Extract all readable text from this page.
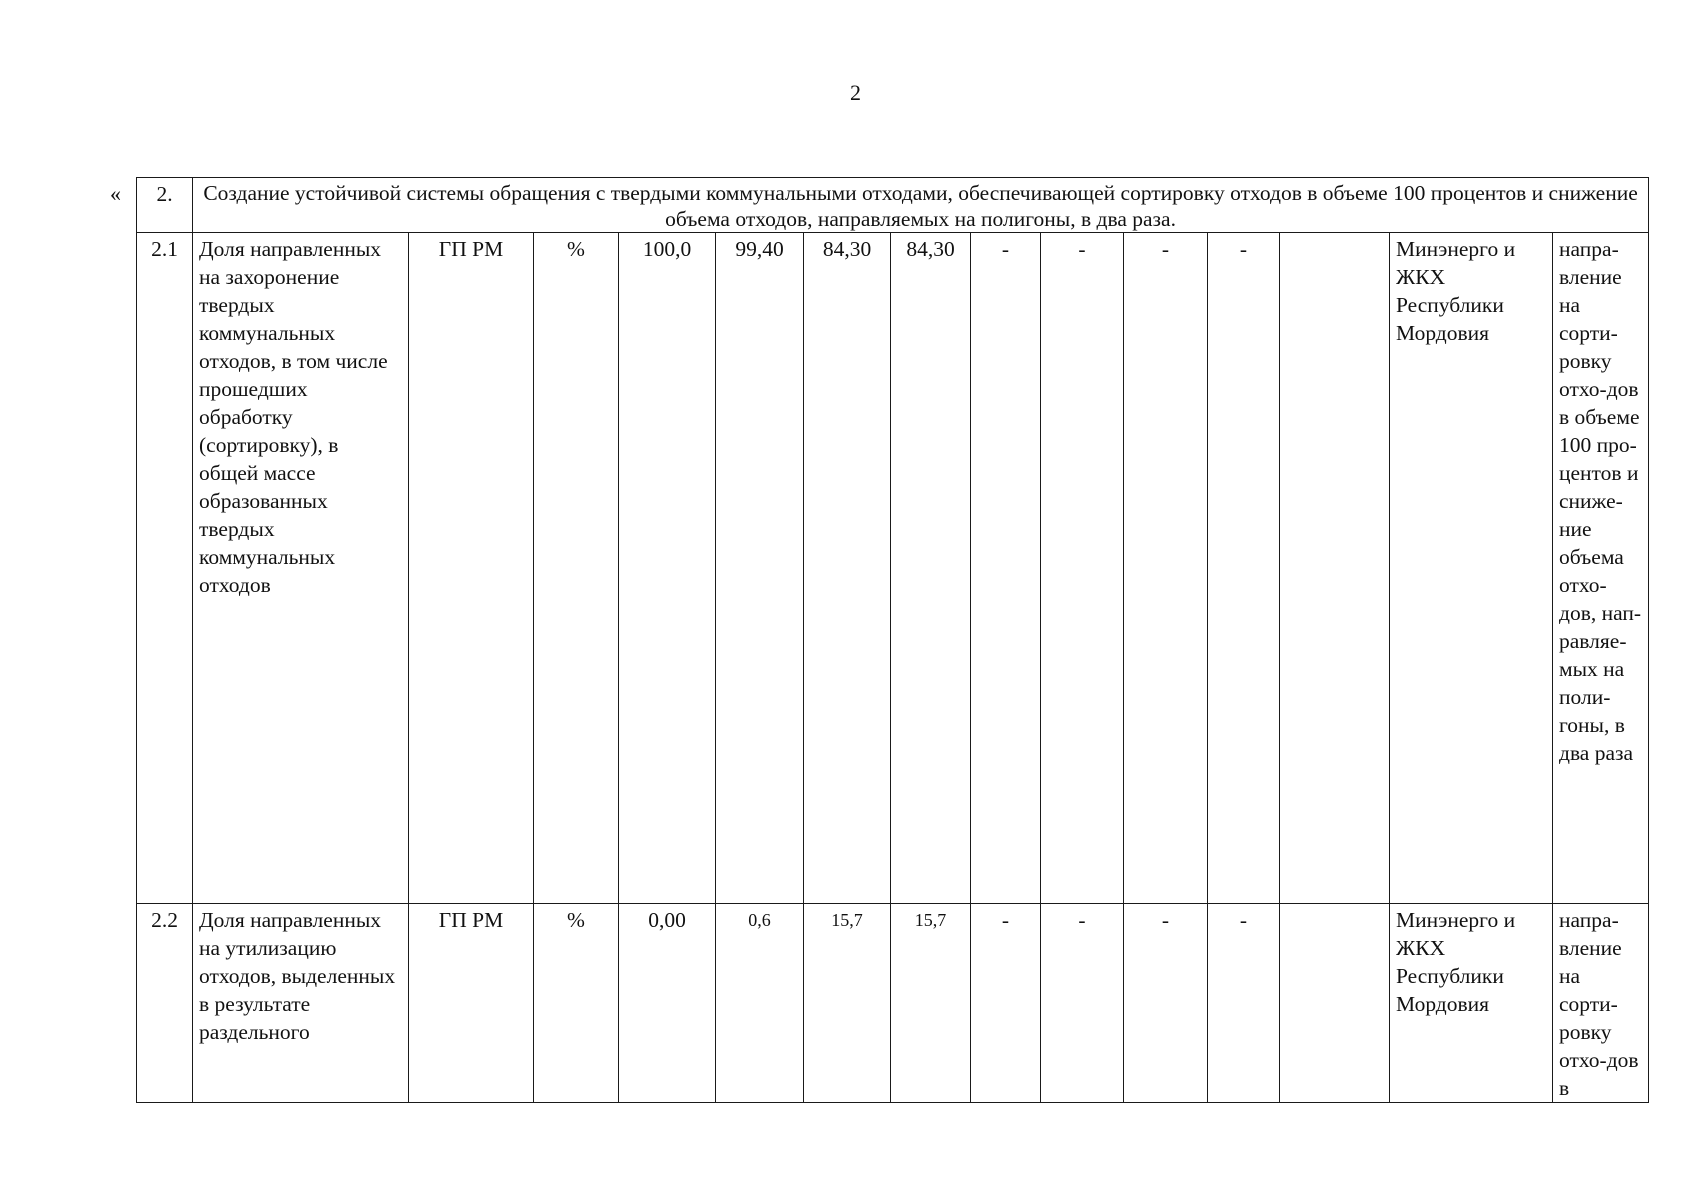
2
« 2.	Создание устойчивой системы обращения с твердыми коммунальными отходами, обеспечивающей сортировку отходов в объеме 100 процентов и снижение объема отходов, направляемых на полигоны, в два раза.													
2.1	Доля направленных на захоронение твердых коммунальных отходов, в том числе прошедших обработку (сортировку), в общей массе образованных твердых коммунальных отходов	ГП РМ	%	100,0	99,40	84,30	84,30	-	-	-	-		Минэнерго и ЖКХ Республики Мордовия	напра-вление на сорти-ровку отхо-дов в объеме 100 про-центов и сниже-ние объема отхо-дов, нап-равляе-мых на поли-гоны, в два раза
2.2	Доля направленных на утилизацию отходов, выделенных в результате раздельного	ГП РМ	%	0,00	0,6	15,7	15,7	-	-	-	-		Минэнерго и ЖКХ Республики Мордовия	напра-вление на сорти-ровку отхо-дов в
